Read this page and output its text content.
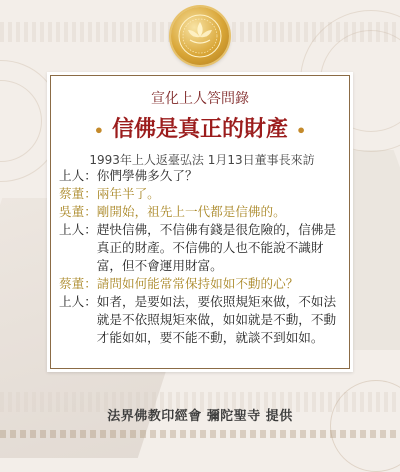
宣化上人答問錄
• 信佛是真正的財產 •
1993年上人返臺弘法 1月13日董事長來訪
上人： 你們學佛多久了？
蔡董： 兩年半了。
吳董： 剛開始，祖先上一代都是信佛的。
上人： 趕快信佛，不信佛有錢是很危險的，信佛是真正的財產。不信佛的人也不能說不識財富，但不會運用財富。
蔡董： 請問如何能常常保持如如不動的心？
上人： 如者，是要如法，要依照規矩來做，不如法就是不依照規矩來做，如如就是不動，不動才能如如，要不能不動，就談不到如如。
法界佛教印經會 彌陀聖寺 提供
